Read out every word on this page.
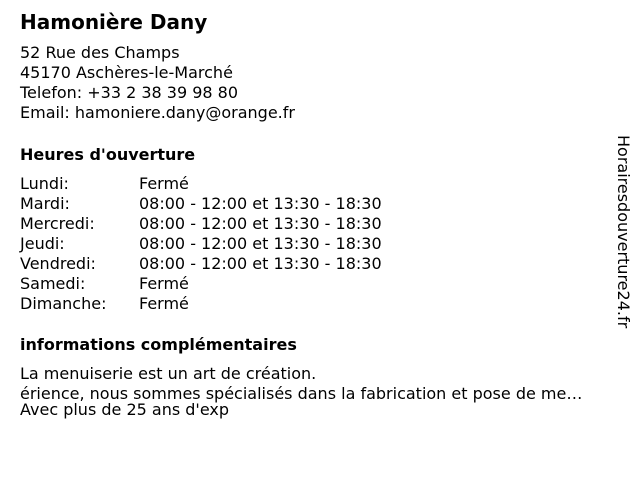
Hamonière Dany
52 Rue des Champs
45170 Aschères-le-Marché
Telefon: +33 2 38 39 98 80
Email: hamoniere.dany@orange.fr
Heures d'ouverture
Lundi:	Fermé
Mardi:	08:00 - 12:00 et 13:30 - 18:30
Mercredi:	08:00 - 12:00 et 13:30 - 18:30
Jeudi:	08:00 - 12:00 et 13:30 - 18:30
Vendredi:	08:00 - 12:00 et 13:30 - 18:30
Samedi:	Fermé
Dimanche: Fermé
informations complémentaires
La menuiserie est un art de création.
érience, nous sommes spécialisés dans la fabrication et pose de me…
Avec plus de 25 ans d'exp
Horairesdouverture24.fr
